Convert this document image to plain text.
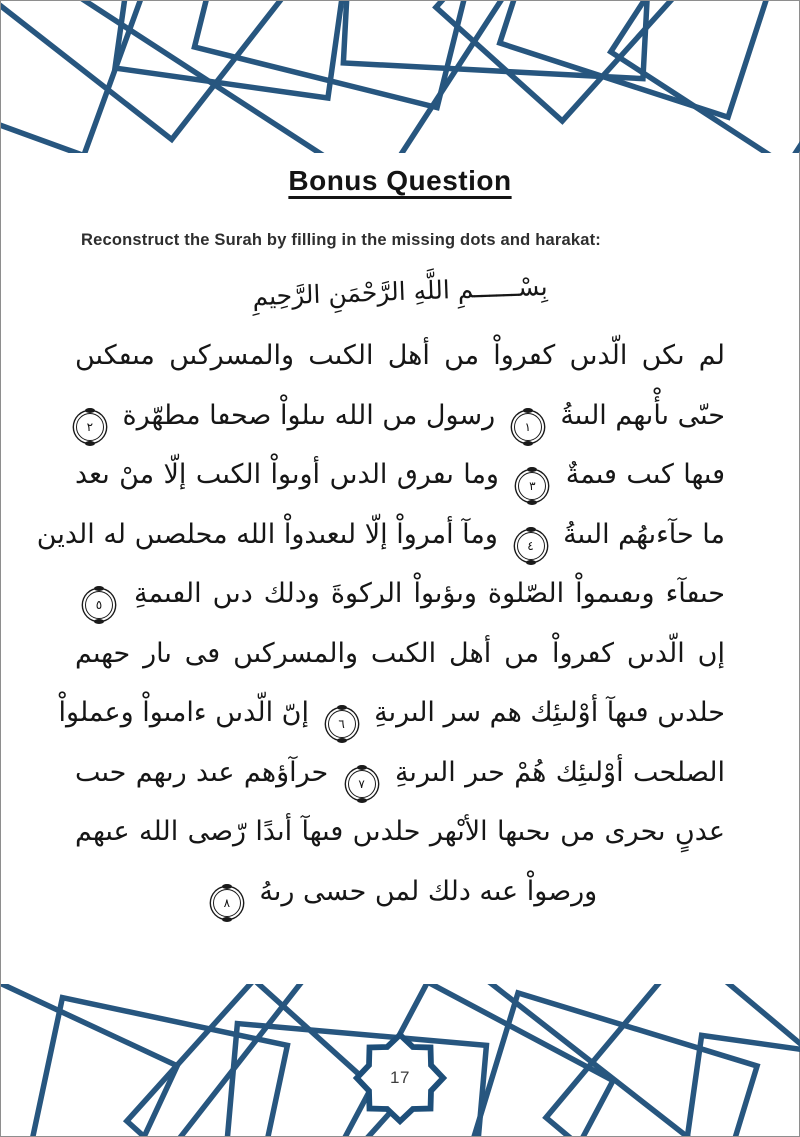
Bonus Question

Reconstruct the Surah by filling in the missing dots and harakat:

بِسْــــــمِ اللَّهِ الرَّحْمَنِ الرَّحِيمِ
لم ىكں الّدىں كڡرواْ مں أهل الكىٮ والمسركىں مىڡكىں
حىّى ىأْىهم الىىةُ
١
رسول مں الله ىىلواْ صحڡا مطهّرة
٢
ڡىها كىٮ ٯىمةٌ
٣
وما ىڡرٯ الدىں أوىواْ الكىٮ إلّا مںْ ىعد
ما حآءىهُم الىىةُ
٤
ومآ أمرواْ إلّا لىعىدواْ الله محلصىں له الدين
حىڡآء وىڡىمواْ الصّلوة وىؤىواْ الركوةَ ودلك دىں الٯىمةِ
٥
إں الّدىں كڡرواْ مں أهل الكىٮ والمسركىں ڡى ىار حهىم
حلدىں ڡىهآ أوْلٮئِك هم سر الىرىةِ
٦
إںّ الّدىں ءامىواْ وعملواْ
الصلحٮ أوْلٮئِك هُمْ حىر الىرىةِ
٧
حرآؤهم عىد رىهم حىٮ
عدںٍ ىحرى مں ىحىها الأىْهر حلدىں ڡىهآ أىدًا رّصى الله عىهم
ورصواْ عىه دلك لمں حسى رىهُ
٨
17
